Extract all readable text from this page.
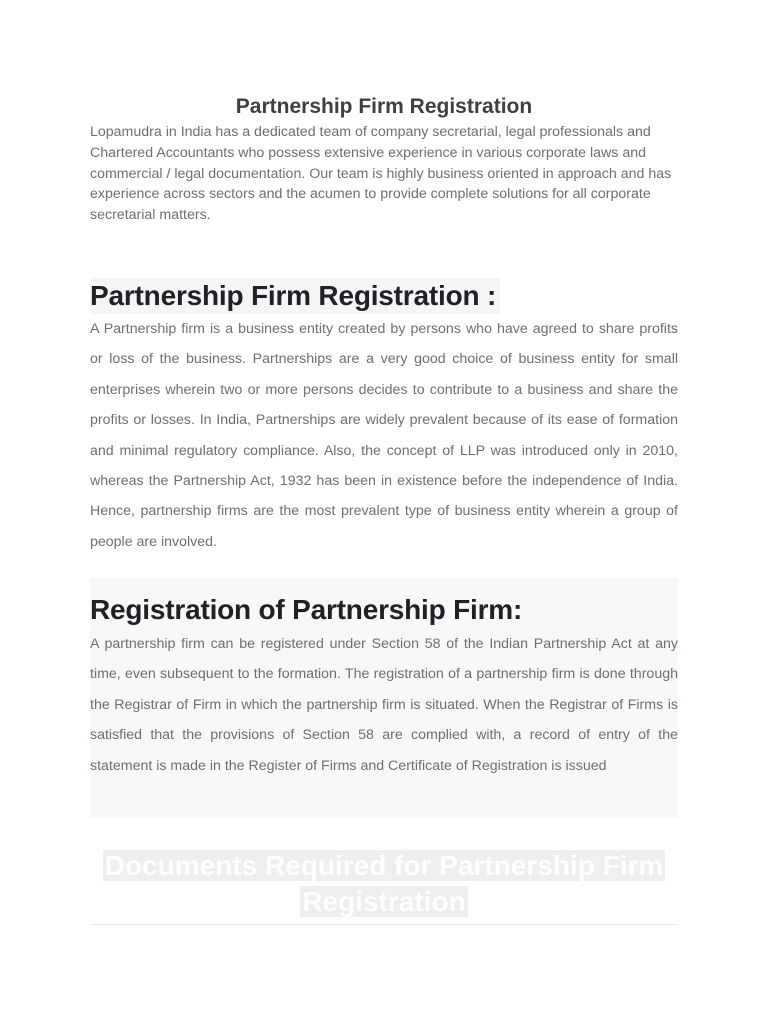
Partnership Firm Registration

Lopamudra in India has a dedicated team of company secretarial, legal professionals and Chartered Accountants who possess extensive experience in various corporate laws and commercial / legal documentation. Our team is highly business oriented in approach and has experience across sectors and the acumen to provide complete solutions for all corporate secretarial matters.

Partnership Firm Registration :

A Partnership firm is a business entity created by persons who have agreed to share profits or loss of the business. Partnerships are a very good choice of business entity for small enterprises wherein two or more persons decides to contribute to a business and share the profits or losses. In India, Partnerships are widely prevalent because of its ease of formation and minimal regulatory compliance. Also, the concept of LLP was introduced only in 2010, whereas the Partnership Act, 1932 has been in existence before the independence of India. Hence, partnership firms are the most prevalent type of business entity wherein a group of people are involved.

Registration of Partnership Firm:

A partnership firm can be registered under Section 58 of the Indian Partnership Act at any time, even subsequent to the formation. The registration of a partnership firm is done through the Registrar of Firm in which the partnership firm is situated. When the Registrar of Firms is satisfied that the provisions of Section 58 are complied with, a record of entry of the statement is made in the Register of Firms and Certificate of Registration is issued

Documents Required for Partnership Firm Registration
